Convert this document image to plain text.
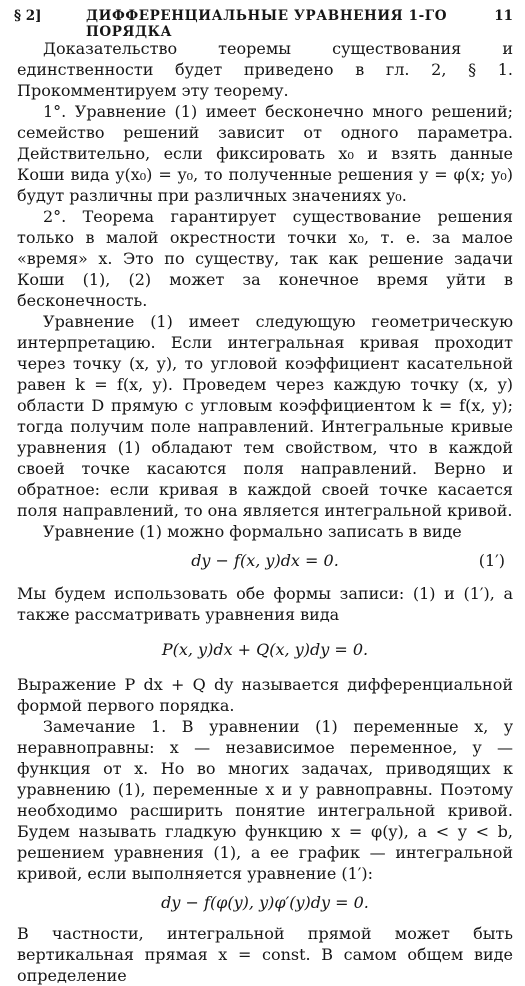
§ 2]	ДИФФЕРЕНЦИАЛЬНЫЕ УРАВНЕНИЯ 1-ГО ПОРЯДКА
11

Доказательство теоремы существования и единственности будет приведено в гл. 2, § 1. Прокомментируем эту теорему.

1°. Уравнение (1) имеет бесконечно много решений; семейство решений зависит от одного параметра. Действительно, если фиксировать x₀ и взять данные Коши вида y(x₀) = y₀, то полученные решения y = φ(x; y₀) будут различны при различных значениях y₀.

2°. Теорема гарантирует существование решения только в малой окрестности точки x₀, т. е. за малое «время» x. Это по существу, так как решение задачи Коши (1), (2) может за конечное время уйти в бесконечность.

Уравнение (1) имеет следующую геометрическую интерпретацию. Если интегральная кривая проходит через точку (x, y), то угловой коэффициент касательной равен k = f(x, y). Проведем через каждую точку (x, y) области D прямую с угловым коэффициентом k = f(x, y); тогда получим поле направлений. Интегральные кривые уравнения (1) обладают тем свойством, что в каждой своей точке касаются поля направлений. Верно и обратное: если кривая в каждой своей точке касается поля направлений, то она является интегральной кривой.

Уравнение (1) можно формально записать в виде

dy − f(x, y)dx = 0.	(1′)

Мы будем использовать обе формы записи: (1) и (1′), а также рассматривать уравнения вида

P(x, y)dx + Q(x, y)dy = 0.

Выражение P dx + Q dy называется дифференциальной формой первого порядка.

Замечание 1. В уравнении (1) переменные x, y неравноправны: x — независимое переменное, y — функция от x. Но во многих задачах, приводящих к уравнению (1), переменные x и y равноправны. Поэтому необходимо расширить понятие интегральной кривой. Будем называть гладкую функцию x = φ(y), a < y < b, решением уравнения (1), а ее график — интегральной кривой, если выполняется уравнение (1′):

dy − f(φ(y), y)φ′(y)dy = 0.

В частности, интегральной прямой может быть вертикальная прямая x = const. В самом общем виде определение
